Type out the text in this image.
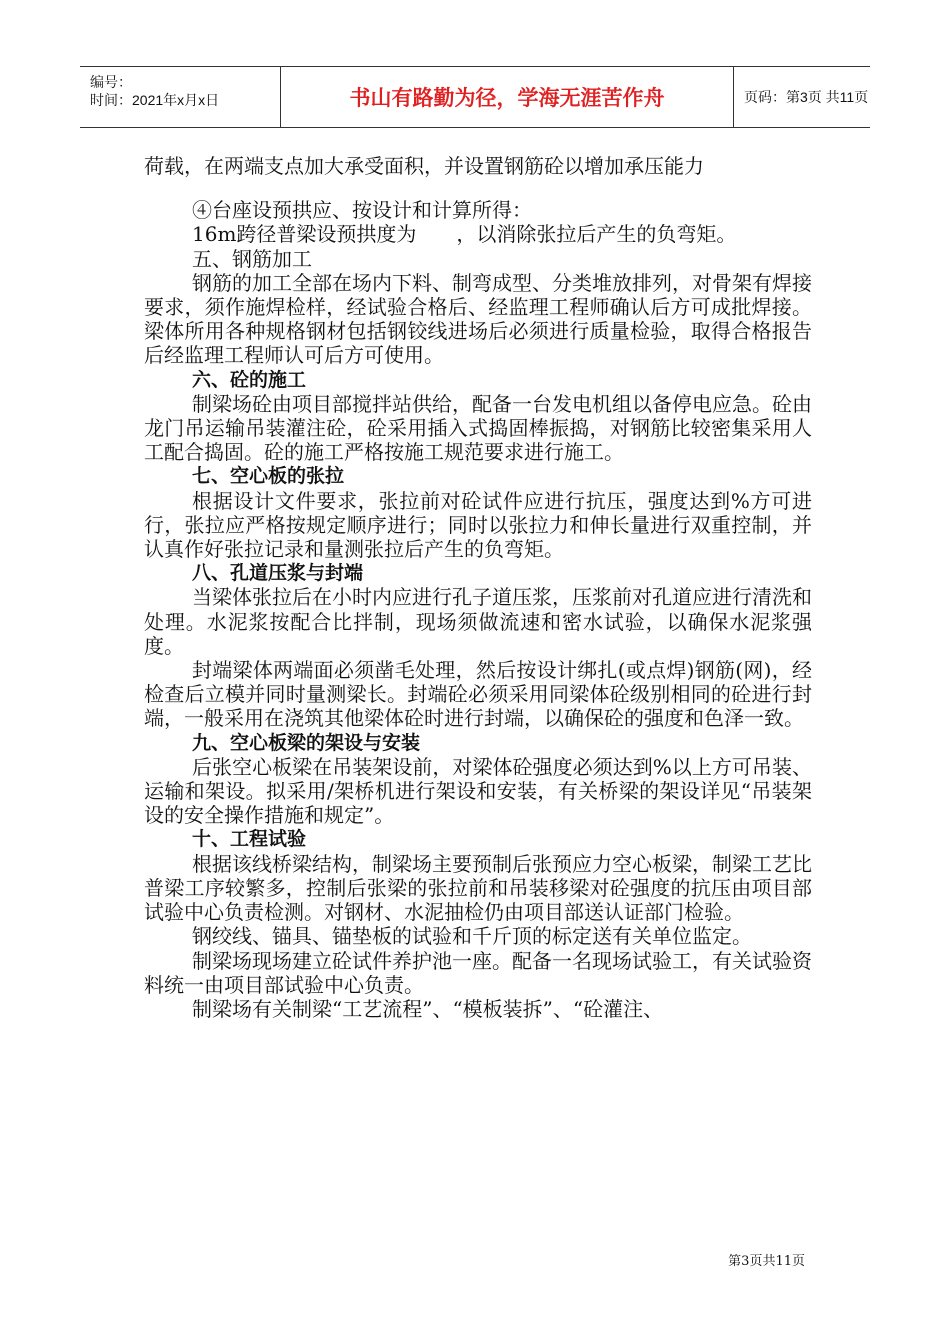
编号：
时间：2021年x月x日	书山有路勤为径，学海无涯苦作舟	页码：第3页 共11页

荷载，在两端支点加大承受面积，并设置钢筋砼以增加承压能力

④台座设预拱应、按设计和计算所得：

16m跨径普梁设预拱度为　　，以消除张拉后产生的负弯矩。

五、钢筋加工

钢筋的加工全部在场内下料、制弯成型、分类堆放排列，对骨架有焊接要求，须作施焊检样，经试验合格后、经监理工程师确认后方可成批焊接。梁体所用各种规格钢材包括钢铰线进场后必须进行质量检验，取得合格报告后经监理工程师认可后方可使用。

六、砼的施工

制梁场砼由项目部搅拌站供给，配备一台发电机组以备停电应急。砼由龙门吊运输吊装灌注砼，砼采用插入式捣固棒振捣，对钢筋比较密集采用人工配合捣固。砼的施工严格按施工规范要求进行施工。

七、空心板的张拉

根据设计文件要求，张拉前对砼试件应进行抗压，强度达到%方可进行，张拉应严格按规定顺序进行；同时以张拉力和伸长量进行双重控制，并认真作好张拉记录和量测张拉后产生的负弯矩。

八、孔道压浆与封端

当梁体张拉后在小时内应进行孔子道压浆，压浆前对孔道应进行清洗和处理。水泥浆按配合比拌制，现场须做流速和密水试验，以确保水泥浆强度。

封端梁体两端面必须凿毛处理，然后按设计绑扎(或点焊)钢筋(网)，经检查后立模并同时量测梁长。封端砼必须采用同梁体砼级别相同的砼进行封端，一般采用在浇筑其他梁体砼时进行封端，以确保砼的强度和色泽一致。

九、空心板梁的架设与安装

后张空心板梁在吊装架设前，对梁体砼强度必须达到%以上方可吊装、运输和架设。拟采用/架桥机进行架设和安装，有关桥梁的架设详见“吊装架设的安全操作措施和规定”。

十、工程试验

根据该线桥梁结构，制梁场主要预制后张预应力空心板梁，制梁工艺比普梁工序较繁多，控制后张梁的张拉前和吊装移梁对砼强度的抗压由项目部试验中心负责检测。对钢材、水泥抽检仍由项目部送认证部门检验。

钢绞线、锚具、锚垫板的试验和千斤顶的标定送有关单位监定。

制梁场现场建立砼试件养护池一座。配备一名现场试验工，有关试验资料统一由项目部试验中心负责。

制梁场有关制梁“工艺流程”、“模板装拆”、“砼灌注、

第3页共11页
